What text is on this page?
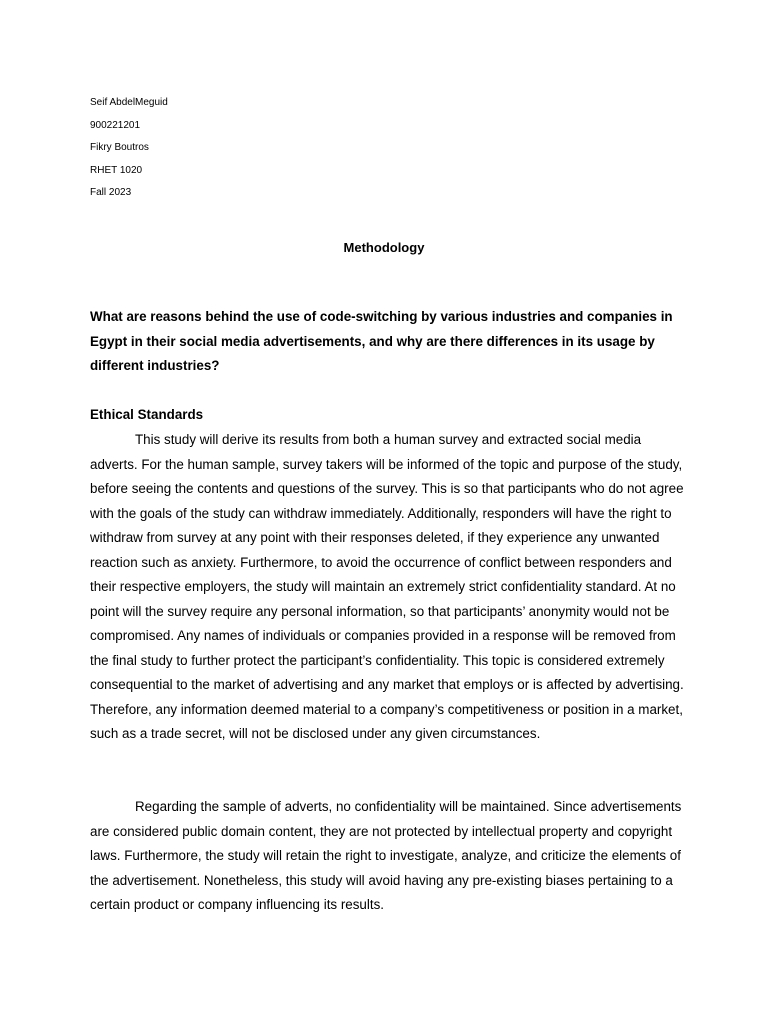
Seif AbdelMeguid
900221201
Fikry Boutros
RHET 1020
Fall 2023
Methodology
What are reasons behind the use of code-switching by various industries and companies in Egypt in their social media advertisements, and why are there differences in its usage by different industries?
Ethical Standards
This study will derive its results from both a human survey and extracted social media adverts. For the human sample, survey takers will be informed of the topic and purpose of the study, before seeing the contents and questions of the survey. This is so that participants who do not agree with the goals of the study can withdraw immediately. Additionally, responders will have the right to withdraw from survey at any point with their responses deleted, if they experience any unwanted reaction such as anxiety. Furthermore, to avoid the occurrence of conflict between responders and their respective employers, the study will maintain an extremely strict confidentiality standard. At no point will the survey require any personal information, so that participants’ anonymity would not be compromised. Any names of individuals or companies provided in a response will be removed from the final study to further protect the participant’s confidentiality. This topic is considered extremely consequential to the market of advertising and any market that employs or is affected by advertising. Therefore, any information deemed material to a company’s competitiveness or position in a market, such as a trade secret, will not be disclosed under any given circumstances.
Regarding the sample of adverts, no confidentiality will be maintained. Since advertisements are considered public domain content, they are not protected by intellectual property and copyright laws. Furthermore, the study will retain the right to investigate, analyze, and criticize the elements of the advertisement. Nonetheless, this study will avoid having any pre-existing biases pertaining to a certain product or company influencing its results.
